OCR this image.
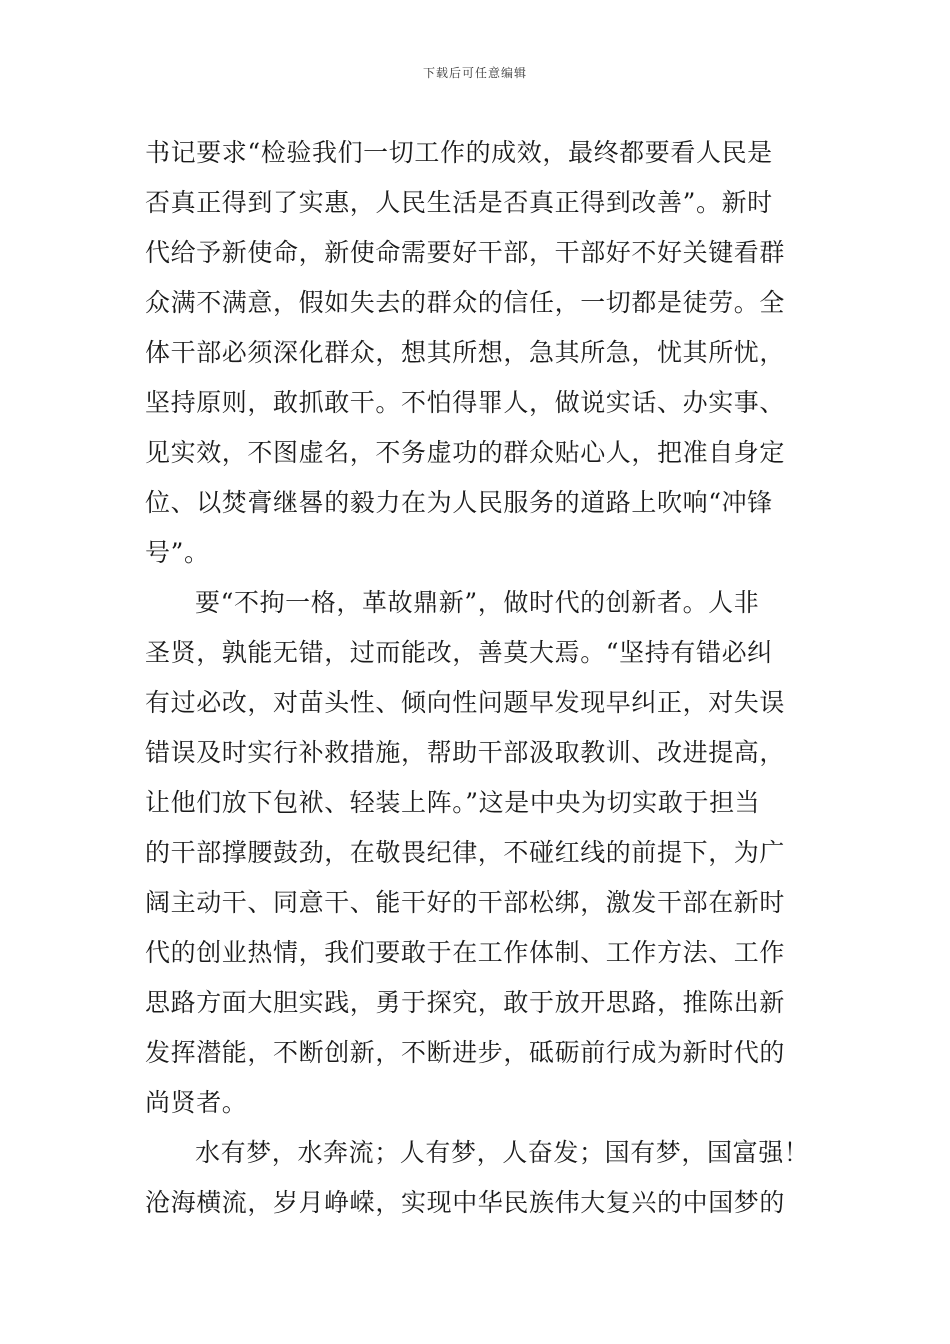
下载后可任意编辑
书记要求“检验我们一切工作的成效，最终都要看人民是
否真正得到了实惠，人民生活是否真正得到改善”。新时
代给予新使命，新使命需要好干部，干部好不好关键看群
众满不满意，假如失去的群众的信任，一切都是徒劳。全
体干部必须深化群众，想其所想，急其所急，忧其所忧，
坚持原则，敢抓敢干。不怕得罪人，做说实话、办实事、
见实效，不图虚名，不务虚功的群众贴心人，把准自身定
位、以焚膏继晷的毅力在为人民服务的道路上吹响“冲锋
号”。
要“不拘一格，革故鼎新”，做时代的创新者。人非
圣贤，孰能无错，过而能改，善莫大焉。“坚持有错必纠
有过必改，对苗头性、倾向性问题早发现早纠正，对失误
错误及时实行补救措施，帮助干部汲取教训、改进提高，
让他们放下包袱、轻装上阵。”这是中央为切实敢于担当
的干部撑腰鼓劲，在敬畏纪律，不碰红线的前提下，为广
阔主动干、同意干、能干好的干部松绑，激发干部在新时
代的创业热情，我们要敢于在工作体制、工作方法、工作
思路方面大胆实践，勇于探究，敢于放开思路，推陈出新
发挥潜能，不断创新，不断进步，砥砺前行成为新时代的
尚贤者。
水有梦，水奔流；人有梦，人奋发；国有梦，国富强！
沧海横流，岁月峥嵘，实现中华民族伟大复兴的中国梦的
